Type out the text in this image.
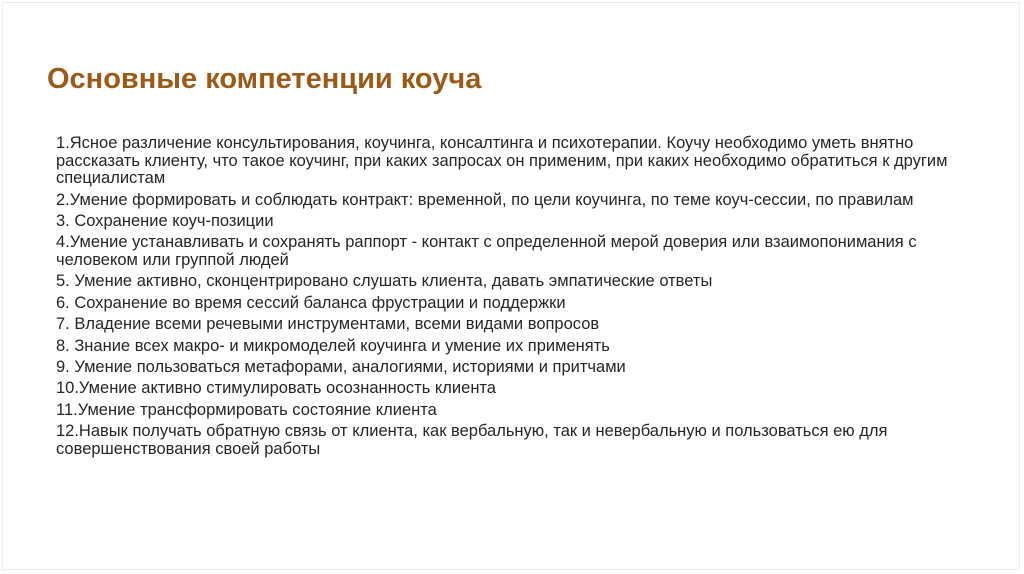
Основные компетенции коуча
1.Ясное различение консультирования, коучинга, консалтинга и психотерапии. Коучу необходимо уметь внятно рассказать клиенту, что такое коучинг, при каких запросах он применим, при каких необходимо обратиться к другим специалистам
2.Умение формировать и соблюдать контракт: временной, по цели коучинга, по теме коуч-сессии, по правилам
3. Сохранение коуч-позиции
4.Умение устанавливать и сохранять раппорт - контакт с определенной мерой доверия или взаимопонимания с человеком или группой людей
5. Умение активно, сконцентрировано слушать клиента, давать эмпатические ответы
6. Сохранение во время сессий баланса фрустрации и поддержки
7. Владение всеми речевыми инструментами, всеми видами вопросов
8. Знание всех макро- и микромоделей коучинга и умение их применять
9. Умение пользоваться метафорами, аналогиями, историями и притчами
10.Умение активно стимулировать осознанность клиента
11.Умение трансформировать состояние клиента
12.Навык получать обратную связь от клиента, как вербальную, так и невербальную и пользоваться ею для совершенствования своей работы
